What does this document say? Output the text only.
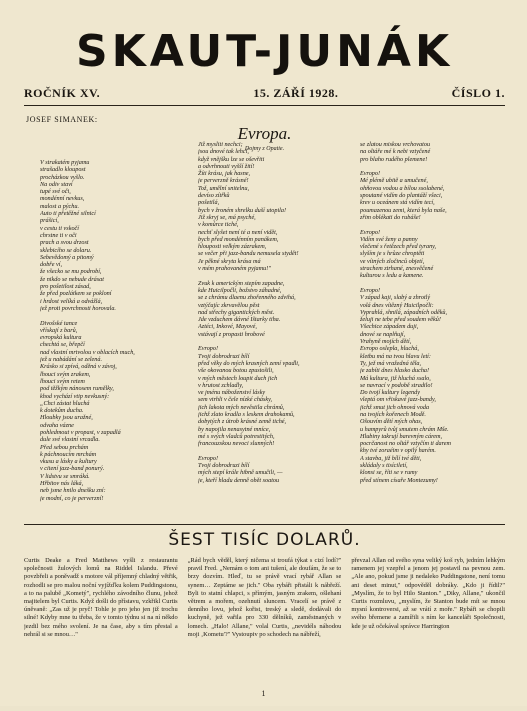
SKAUT-JUNÁK
ROČNÍK XV.	15. ZÁŘÍ 1928.	ČÍSLO 1.
JOSEF SIMANEK:
Evropa.
Dojmy z Opatie.
V strakatém pyjamu
strašadlo kloupost
procházkou vyšlo.
Na odiv staví
tupé své oči,
mondénní nevkus,
malost a pýchu.
Auto ti přetěžné silnicí
prášicí,
v cestu ti vskočí
chrstne ti v oči
prach a svou drzost
sklebicího se dolaru.
Sebevědomý a pitomý
dobře ví,
že všecko se mu podrobí,
že nikdo se nebude drásat
pro pošetilost zásad,
že před pozlátkem se pokloní
i hrdost velíká a odvážlá,
jež proti povrchnosti horovala.

Divošské tance
vřískají z barů,
evropská kultura
chechtá se, břepčí
nad vlastní mrtvolou v oblacích much,
jež u nabádání se zelená.
Krásko si zpívá, oděná v závoj,
lhouci svým zrakem,
lhouci svým retem
pod těžkým nánosem rumělky,
khod vychází vtip nevkusný:
„Chci zástat hluchá
k dotekům ducha.
Hloubky jsou uražné,
odvaha vázne
pohledmout v propast, v zapadlá
dule své vlastní vrcadla.
Před sebou prchám
k páchnoucím mrchám
vkusu a lásky a kultury
v citení jazz-band ponurý.
V lidstvu se smráká.
Hřbitov nás láká,
neb jsme hnilo dnešku zní:
je modní, co je perverzní!
Již mysliti nechci;
jsou dnové tak lehcí,
když vnějšku lze se oševřiti
a odvrhnouti vyšší žití!
Žíti krásu, jak hasne,
je perverzně krásné!
Tož, umělní snitelnu,
devíso zítřků
pošetilá,
bych v žroném shrelku duší utopila!
Již skryj se, má psyché,
v komůrce tiché,
nechť slyšet není té a není vidět,
bych před mondénním panákem,
hlouposti velkým zázrakem,
se večer při jazz-bandu nemusela stydět!
Je pěkné skryta krása má
v mém prahovaném pyjamu!"

Zvuk k americkým stepím zapadne,
kde Huicilpočli, božstvo záhadné,
se z chrámu dlaenu zhořenného zdvihá,
vztýčajíc zkrvavělou pěst
nad střechy gigantických měst.
Jde vzduchem dávné Ištarky tiha.
Aztéci, Inkové, Mayové,
vstávají z propasti hrobové

Evropo!
Tvoji dobrodruzi bílí
před věky do mých krasných zemí vpadli,
vše okovanou botou zpustošili,
v mých městech loupit duch jich
v hrutost zchladly,
ve jménu náboženství lásky
sem vtrhli v čele nízké chásky,
jich lakota mých nevěstila chrámů,
jichž zlato kradla s leskem drahokamů,
dobytých z útrob krásné země tiché,
by napojila nenasytné mníce,
mé s svých vladců potrestitých,
francouzskou nevoci slunných!

Evropo!
Tvoji dobrodruzi bílí
mých stepí krále hibně umučili, —
je, kteří hladu denně obět soatou
se zlatou miskou vrchovatou
na oltáře mé k nebi vztyčené
pro blaho rudého plemene!

Evropo!
Mé plémě ubitě a umučené,
ohňovou vodou a bílou ssolabené,
spoutané vidím do plantáží všeci,
krev u oceánem stá vidím tecí,
poumazenou zemi, která byla naše,
zřim oblékati do rubáše!

Evropo!
Vidím své ženy a panny
vlečené s řetězech před tyrany,
slyším je s hrůze chroptěti
ve vítných zločinců objetí,
strachem ztrhané, znesvěčené
kulturou s ledu a kamene.

Evropo!
V západ kaji, slabý a zhrotlý
volá dnes vítězný Huicilpočli:
Vyprahlá, shnilá, západních oděků,
želuji ne tebe před soudem věků!
Všechice západem duji,
dnové se naplňují,
Vrahyně mojích dětí,
Evropo oslepla, hluchá,
kletbu má na tvou hlavu letí:
Ty, jež má vražedná těla,
je zabíti dnes hlasko ducha!
Má kultura, již hluchá ssalo,
se navrací v podobě stradilo!
Do tvojí kultury legendy
vleptá om vřiskavé jazz-bandy,
jichž smut jich ohnová voda
na tvojích kořenech Modě.
Ošouvím dětí mých ohas,
u hampyrů tvůj smutem chrám Mše.
Hlubiny takrují barevným cárem,
pocrčanost no oltář vztyčím ti darem
khy tvé zoraéim v opilý harém.
A stavba, již bílí tvé děti,
skládaly s tisíciletí,
klonsi se, říti se v rumy
před stínem císaře Montezumy!
ŠEST TISÍC DOLARŮ.
Curtis Deake a Fred Matthews vyšli z restaurantu společnosti žulových lomů na Riddel Islandu. Převé povzbřeli a poněvadž s motore vál příjemný chladný větřik, rozhodli se pro malou noční vyjížďku kolem Puddingstonu, a to na palubě „Kometý", rychlého závodního člunu, jehož majitelem byl Curtis. Když došli do přístavu, vzkřikl Curtis úněvaně: „Zas už je pryč! Tohle je pro jeho jen již trochu silné! Kdyby mne tu třeba, že v tomto týdnu si na ní někdo jezdil bez mého svolení. Je na čase, aby s tím přestal a nehrál si se mnou…"
„Rád bych věděl, který ničema si troufá týkat s cizí lodí?" pravil Fred. „Nemám o tom ani tušení, ale doufám, že se to brzy dozvím. Hleď, tu se právě vrací rybář Allan se synem… Zeptáme se jich." Oba rybáři přistáli k nábřeží. Byli to statní chlapci, s přímým, jasným zrakem, ošlehaní větrem a mořem, ozehnutí sluncem. Vracelí se právě z denního lovu, jehož kořist, treský a sledě, dodávali do kuchyně, jež vařila pro 330 dělníků, zaměstnaných v lomech. „Halo! Allane," volal Curtis, „nevidéls náhodou moji ‚Kometu'?" Vystoupiv po schodech na nábřeží,
převzal Allan od svého syna veliký koš ryb, jedním lehkým ramenem jej vzepřel a jenom jej postavil na pevnou zem. „Ale ano, pokud jsme ji nedaleko Puddingstone, není tomu ani deset minut," odpověděl dobráky. „Kdo ji řídil?" „Myslím, že to byl Hilo Stanton." „Diky, Allane," ukončil Curtis rozmluvu, „myslím, že Stanton bude mít se mnou mysní kontroversi, až se vrátí z moře." Rybáři se chopili svého břemene a zamířili s ním ke kanceláři Společnosti, kde je už očekával správce Harrington
1
